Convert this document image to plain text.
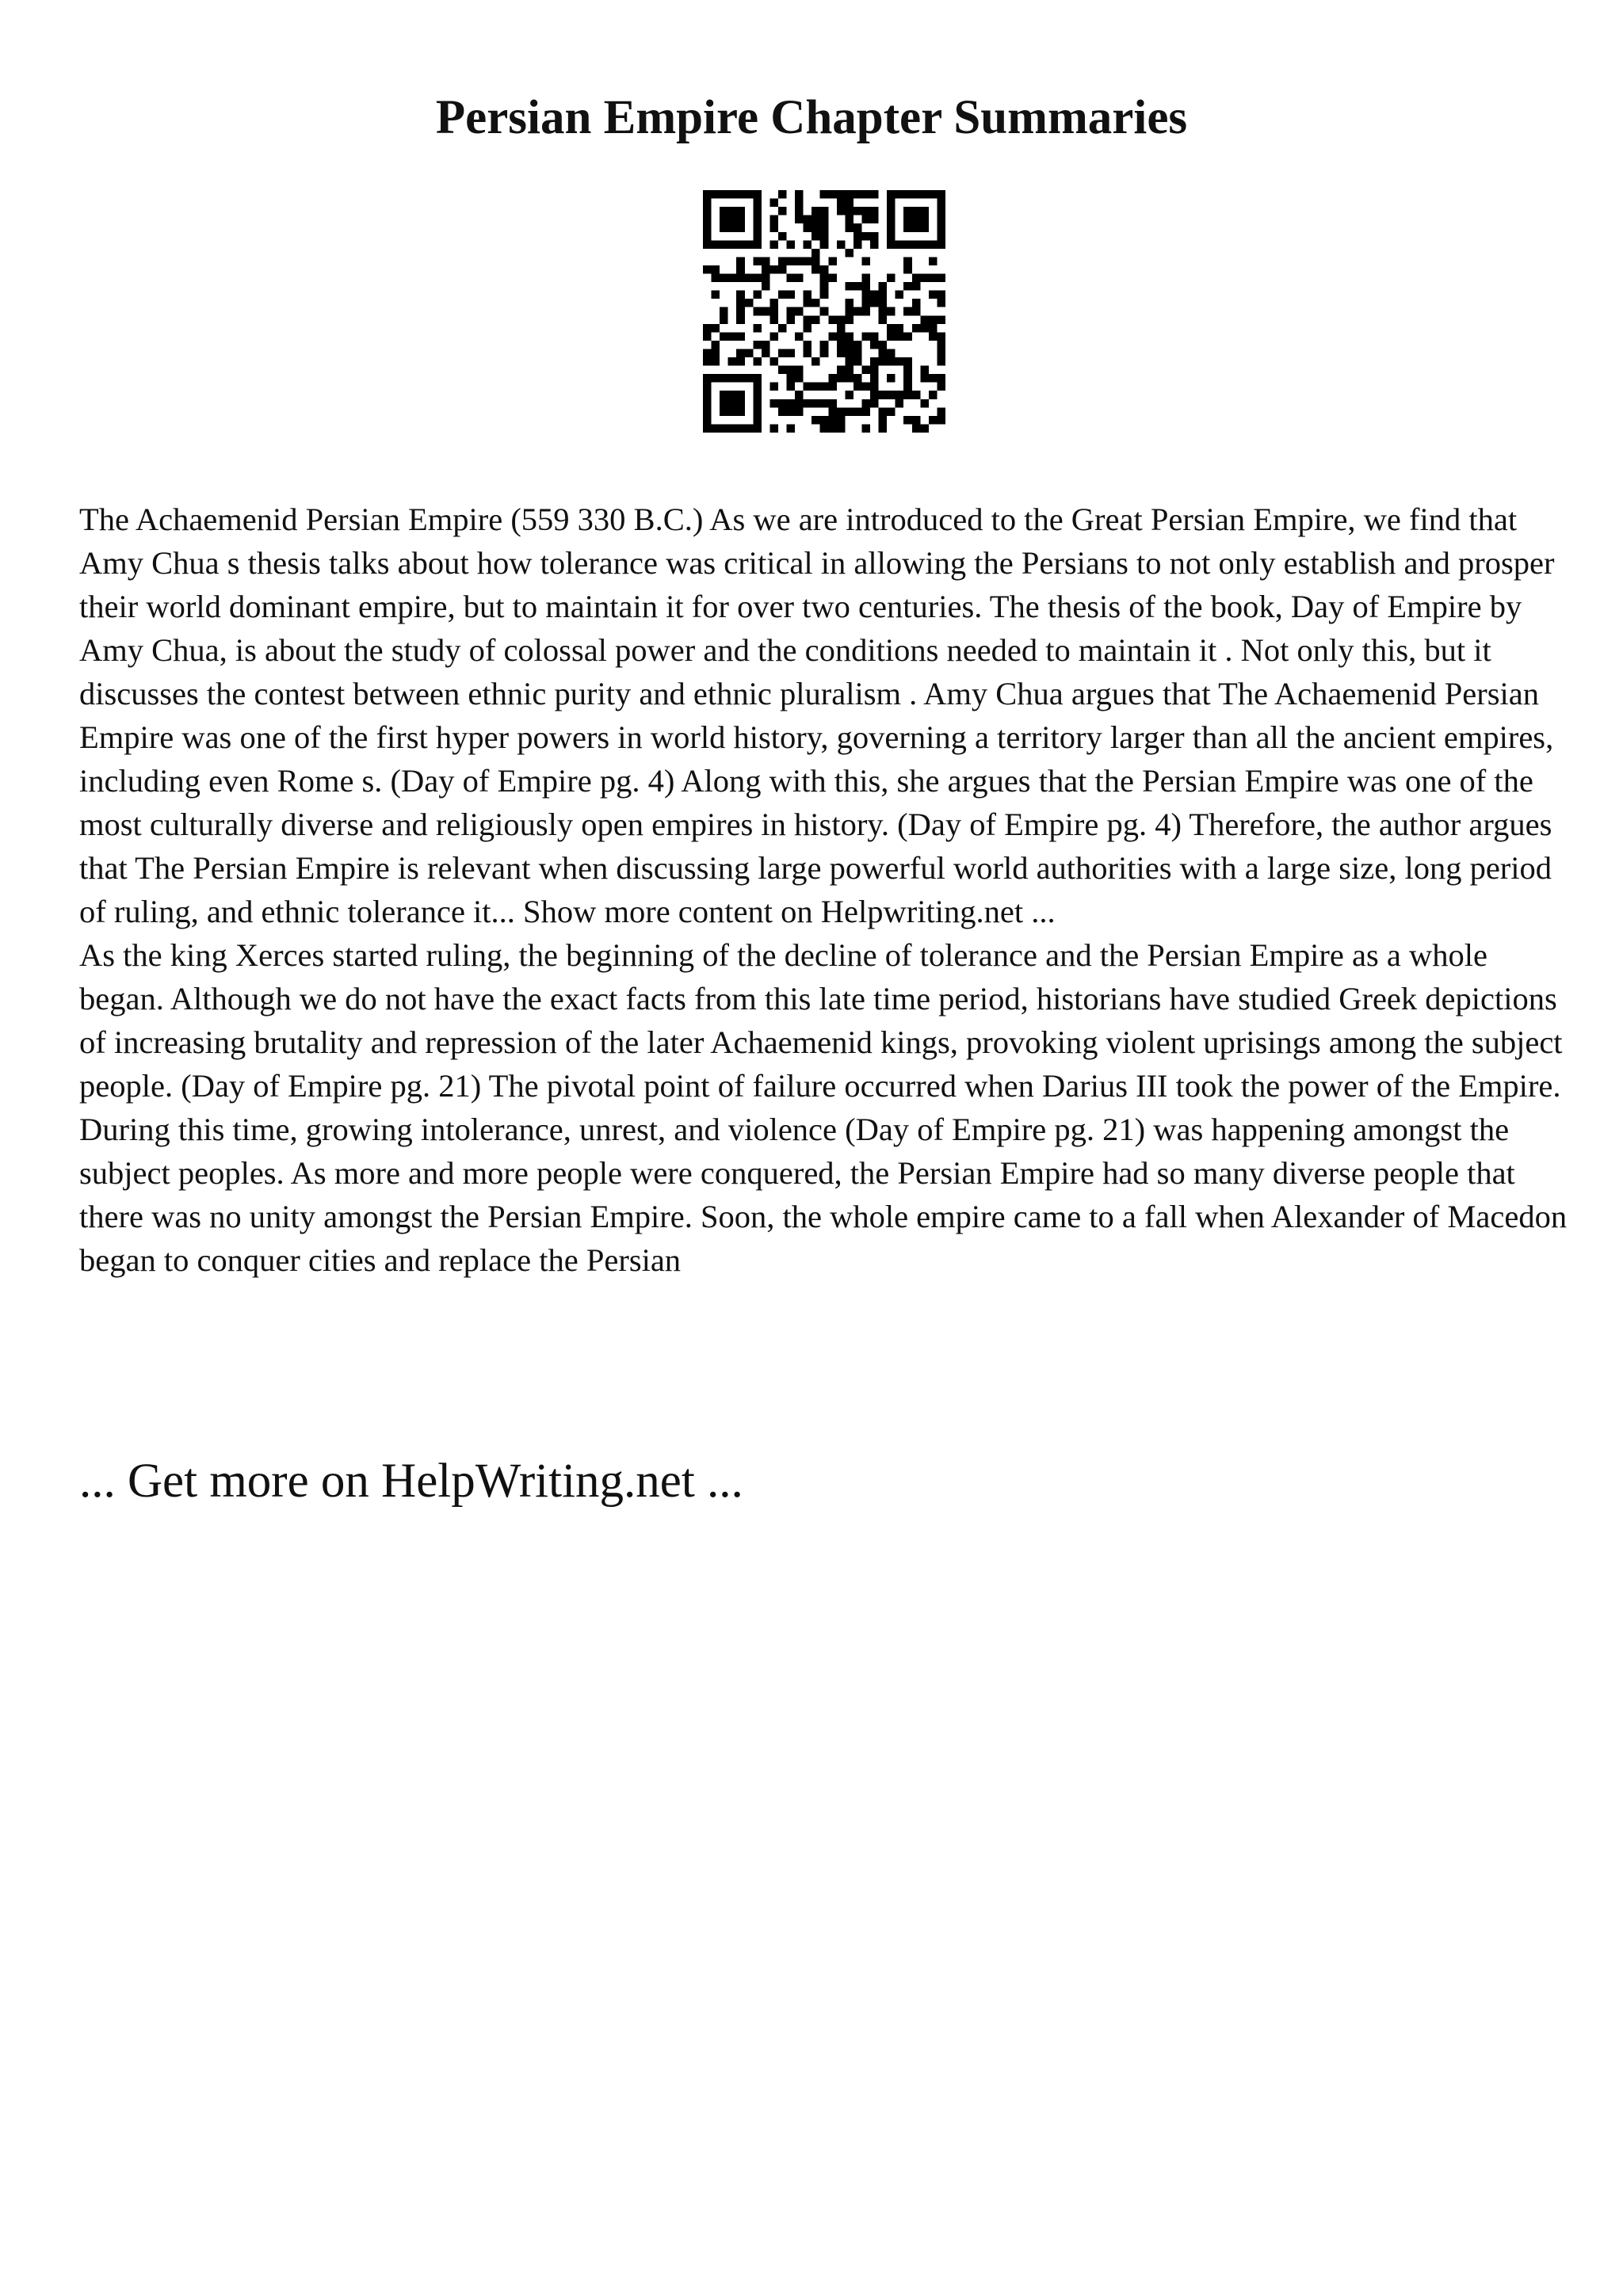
Persian Empire Chapter Summaries

The Achaemenid Persian Empire (559 330 B.C.) As we are introduced to the Great Persian Empire, we find that Amy Chua s thesis talks about how tolerance was critical in allowing the Persians to not only establish and prosper their world dominant empire, but to maintain it for over two centuries. The thesis of the book, Day of Empire by Amy Chua, is about the study of colossal power and the conditions needed to maintain it . Not only this, but it discusses the contest between ethnic purity and ethnic pluralism . Amy Chua argues that The Achaemenid Persian Empire was one of the first hyper powers in world history, governing a territory larger than all the ancient empires, including even Rome s. (Day of Empire pg. 4) Along with this, she argues that the Persian Empire was one of the most culturally diverse and religiously open empires in history. (Day of Empire pg. 4) Therefore, the author argues that The Persian Empire is relevant when discussing large powerful world authorities with a large size, long period of ruling, and ethnic tolerance it... Show more content on Helpwriting.net ...

As the king Xerces started ruling, the beginning of the decline of tolerance and the Persian Empire as a whole began. Although we do not have the exact facts from this late time period, historians have studied Greek depictions of increasing brutality and repression of the later Achaemenid kings, provoking violent uprisings among the subject people. (Day of Empire pg. 21) The pivotal point of failure occurred when Darius III took the power of the Empire. During this time, growing intolerance, unrest, and violence (Day of Empire pg. 21) was happening amongst the subject peoples. As more and more people were conquered, the Persian Empire had so many diverse people that there was no unity amongst the Persian Empire. Soon, the whole empire came to a fall when Alexander of Macedon began to conquer cities and replace the Persian

... Get more on HelpWriting.net ...
